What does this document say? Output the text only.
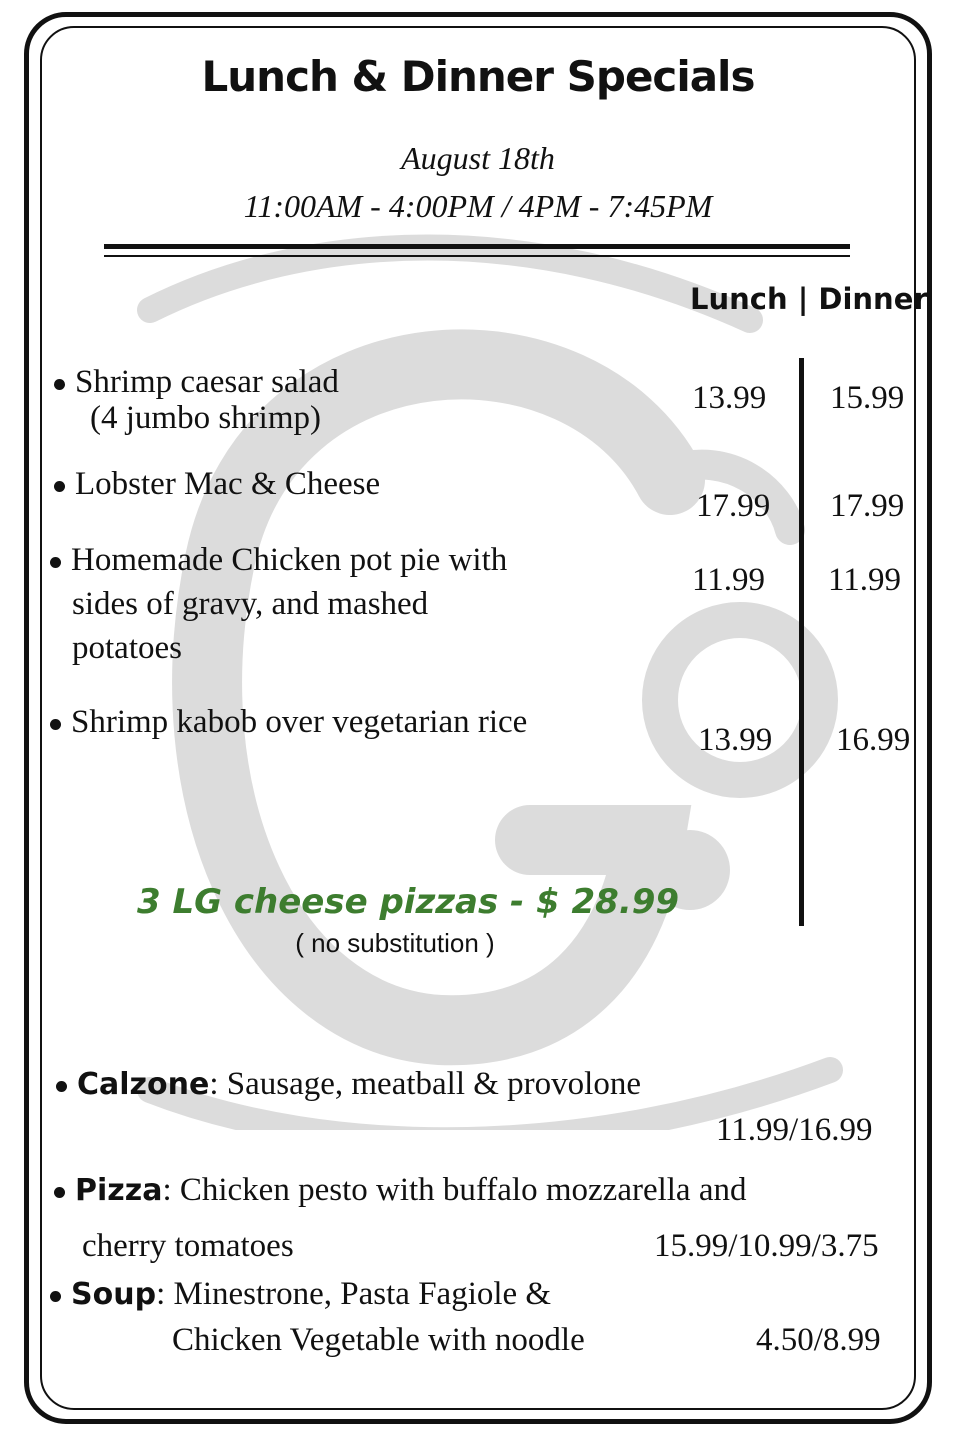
Lunch & Dinner Specials
August 18th
11:00AM - 4:00PM / 4PM - 7:45PM
Lunch | Dinner
Shrimp caesar salad
(4 jumbo shrimp)
13.99 15.99
Lobster Mac & Cheese
17.99 17.99
Homemade Chicken pot pie with
sides of gravy, and mashed
potatoes
11.99 11.99
Shrimp kabob over vegetarian rice	13.99 16.99
3 LG cheese pizzas - $ 28.99
( no substitution )
Calzone: Sausage, meatball & provolone
11.99/16.99
Pizza: Chicken pesto with buffalo mozzarella and
cherry tomatoes	15.99/10.99/3.75
Soup: Minestrone, Pasta Fagiole &
Chicken Vegetable with noodle	4.50/8.99
